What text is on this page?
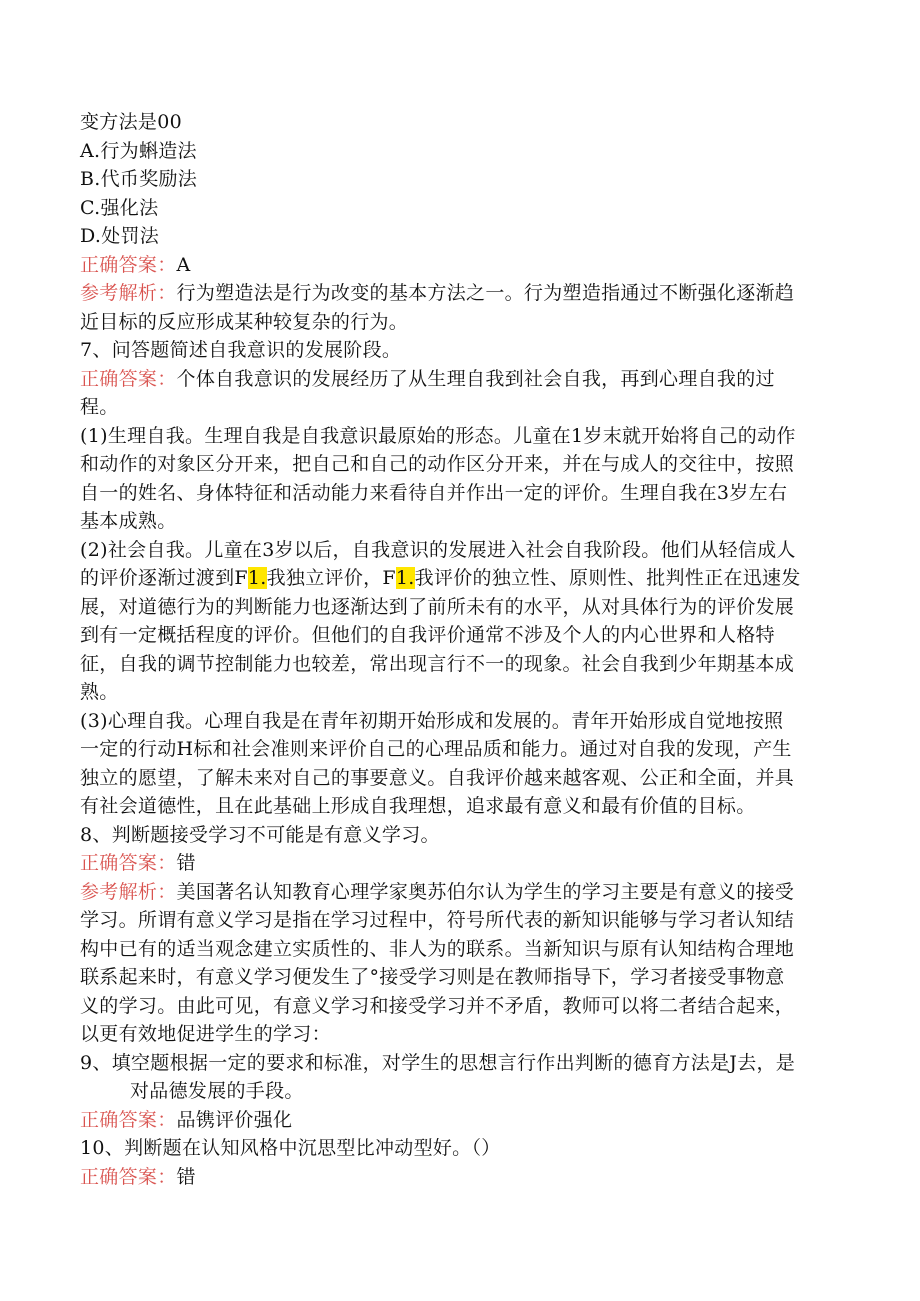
变方法是00
A.行为蝌造法
B.代币奖励法
C.强化法
D.处罚法
正确答案：A
参考解析：行为塑造法是行为改变的基本方法之一。行为塑造指通过不断强化逐渐趋
近目标的反应形成某种较复杂的行为。
7、问答题简述自我意识的发展阶段。
正确答案：个体自我意识的发展经历了从生理自我到社会自我，再到心理自我的过
程。
(1)生理自我。生理自我是自我意识最原始的形态。儿童在1岁末就开始将自己的动作
和动作的对象区分开来，把自己和自己的动作区分开来，并在与成人的交往中，按照
自一的姓名、身体特征和活动能力来看待自并作出一定的评价。生理自我在3岁左右
基本成熟。
(2)社会自我。儿童在3岁以后，自我意识的发展进入社会自我阶段。他们从轻信成人
的评价逐渐过渡到F1.我独立评价，F1.我评价的独立性、原则性、批判性正在迅速发
展，对道德行为的判断能力也逐渐达到了前所未有的水平，从对具体行为的评价发展
到有一定概括程度的评价。但他们的自我评价通常不涉及个人的内心世界和人格特
征，自我的调节控制能力也较差，常出现言行不一的现象。社会自我到少年期基本成
熟。
(3)心理自我。心理自我是在青年初期开始形成和发展的。青年开始形成自觉地按照
一定的行动H标和社会准则来评价自己的心理品质和能力。通过对自我的发现，产生
独立的愿望，了解未来对自己的事要意义。自我评价越来越客观、公正和全面，并具
有社会道德性，且在此基础上形成自我理想，追求最有意义和最有价值的目标。
8、判断题接受学习不可能是有意义学习。
正确答案：错
参考解析：美国著名认知教育心理学家奥苏伯尔认为学生的学习主要是有意义的接受
学习。所谓有意义学习是指在学习过程中，符号所代表的新知识能够与学习者认知结
构中已有的适当观念建立实质性的、非人为的联系。当新知识与原有认知结构合理地
联系起来时，有意义学习便发生了°接受学习则是在教师指导下，学习者接受事物意
义的学习。由此可见，有意义学习和接受学习并不矛盾，教师可以将二者结合起来，
以更有效地促进学生的学习：
9、填空题根据一定的要求和标准，对学生的思想言行作出判断的德育方法是J去，是
对品德发展的手段。
正确答案：品镌评价强化
10、判断题在认知风格中沉思型比冲动型好。（）
正确答案：错
